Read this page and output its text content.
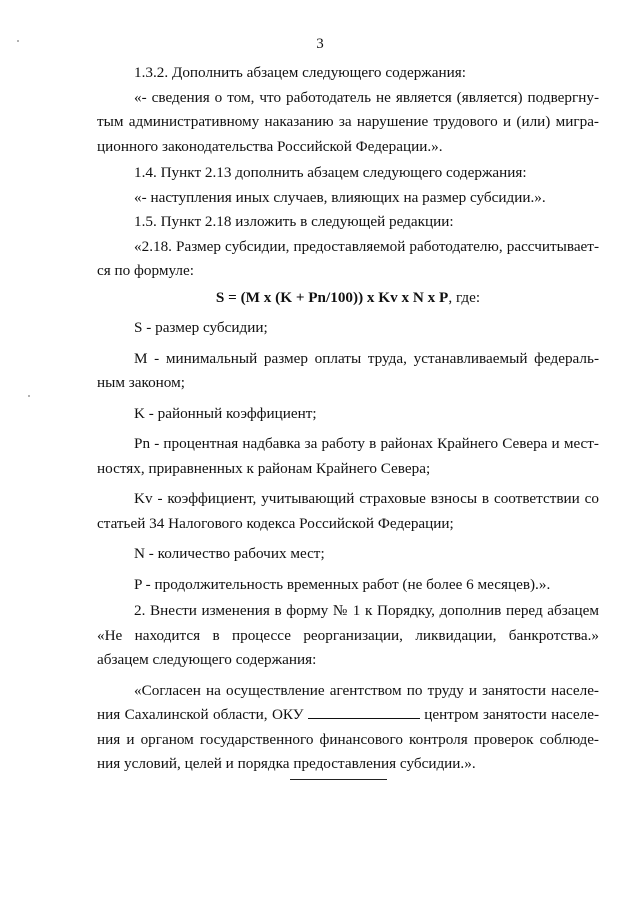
3

1.3.2. Дополнить абзацем следующего содержания:

«- сведения о том, что работодатель не является (является) подвергну-тым административному наказанию за нарушение трудового и (или) мигра-ционного законодательства Российской Федерации.».

1.4. Пункт 2.13 дополнить абзацем следующего содержания:

«- наступления иных случаев, влияющих на размер субсидии.».

1.5. Пункт 2.18 изложить в следующей редакции:

«2.18. Размер субсидии, предоставляемой работодателю, рассчитывает-ся по формуле:

S = (M x (K + Pn/100)) x Kv x N x P, где:

S - размер субсидии;

M - минимальный размер оплаты труда, устанавливаемый федераль-ным законом;

K - районный коэффициент;

Pn - процентная надбавка за работу в районах Крайнего Севера и мест-ностях, приравненных к районам Крайнего Севера;

Kv - коэффициент, учитывающий страховые взносы в соответствии со статьей 34 Налогового кодекса Российской Федерации;

N - количество рабочих мест;

P - продолжительность временных работ (не более 6 месяцев).».

2. Внести изменения в форму № 1 к Порядку, дополнив перед абзацем «Не находится в процессе реорганизации, ликвидации, банкротства.» абзацем следующего содержания:

«Согласен на осуществление агентством по труду и занятости населе-ния Сахалинской области, ОКУ	центром занятости населе-ния и органом государственного финансового контроля проверок соблюде-ния условий, целей и порядка предоставления субсидии.».
